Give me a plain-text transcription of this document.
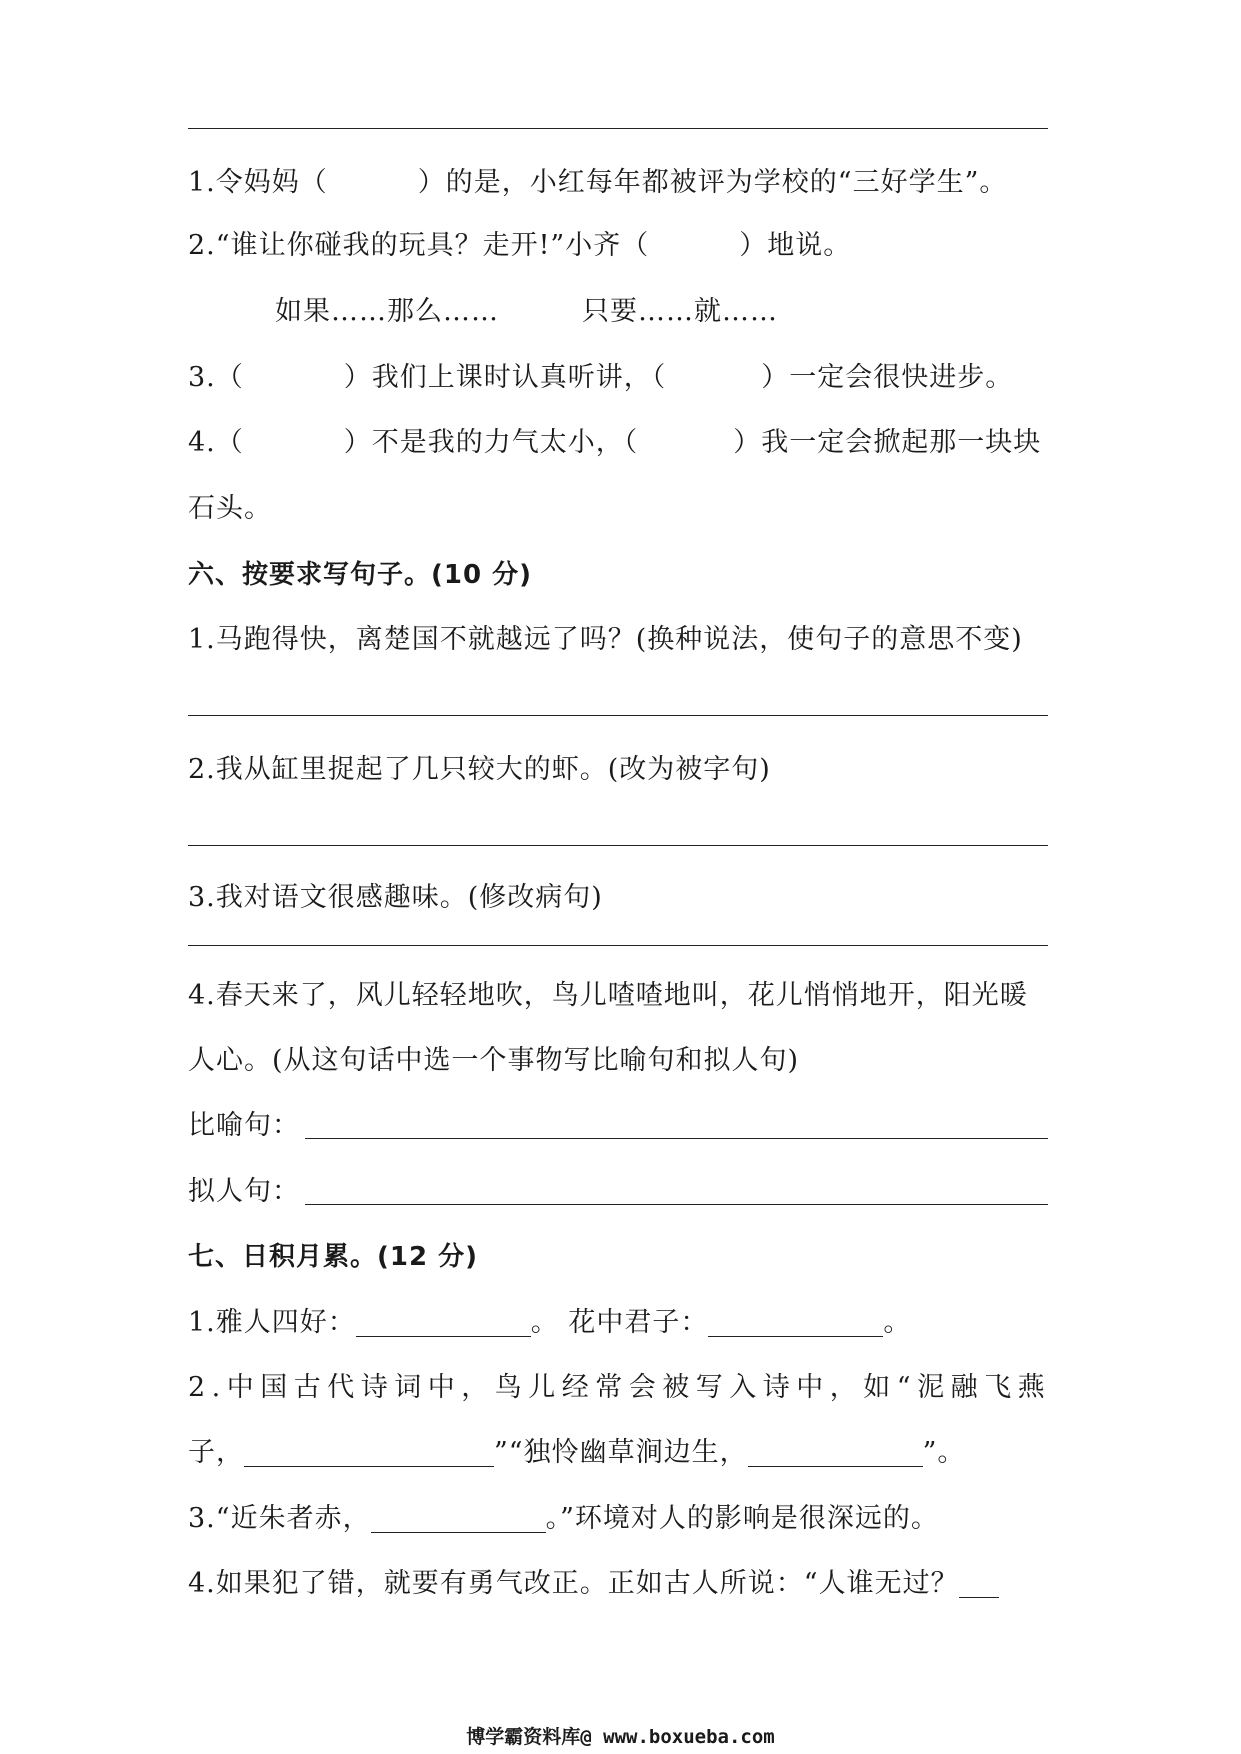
1.令妈妈（	）的是，小红每年都被评为学校的“三好学生”。
2.“谁让你碰我的玩具？走开!”小齐（	）地说。
如果……那么……	只要……就……
3.（	）我们上课时认真听讲，（	）一定会很快进步。
4.（	）不是我的力气太小，（	）我一定会掀起那一块块
石头。
六、按要求写句子。(10 分)
1.马跑得快，离楚国不就越远了吗？(换种说法，使句子的意思不变)
2.我从缸里捉起了几只较大的虾。(改为被字句)
3.我对语文很感趣味。(修改病句)
4.春天来了，风儿轻轻地吹，鸟儿喳喳地叫，花儿悄悄地开，阳光暖
人心。(从这句话中选一个事物写比喻句和拟人句)
比喻句：
拟人句：
七、日积月累。(12 分)
1.雅人四好：	。 花中君子：	。
2.中国古代诗词中，鸟儿经常会被写入诗中，如“泥融飞燕
子，	”“独怜幽草涧边生，	”。
3.“近朱者赤，	。”环境对人的影响是很深远的。
4.如果犯了错，就要有勇气改正。正如古人所说：“人谁无过？
博学霸资料库@ www.boxueba.com
